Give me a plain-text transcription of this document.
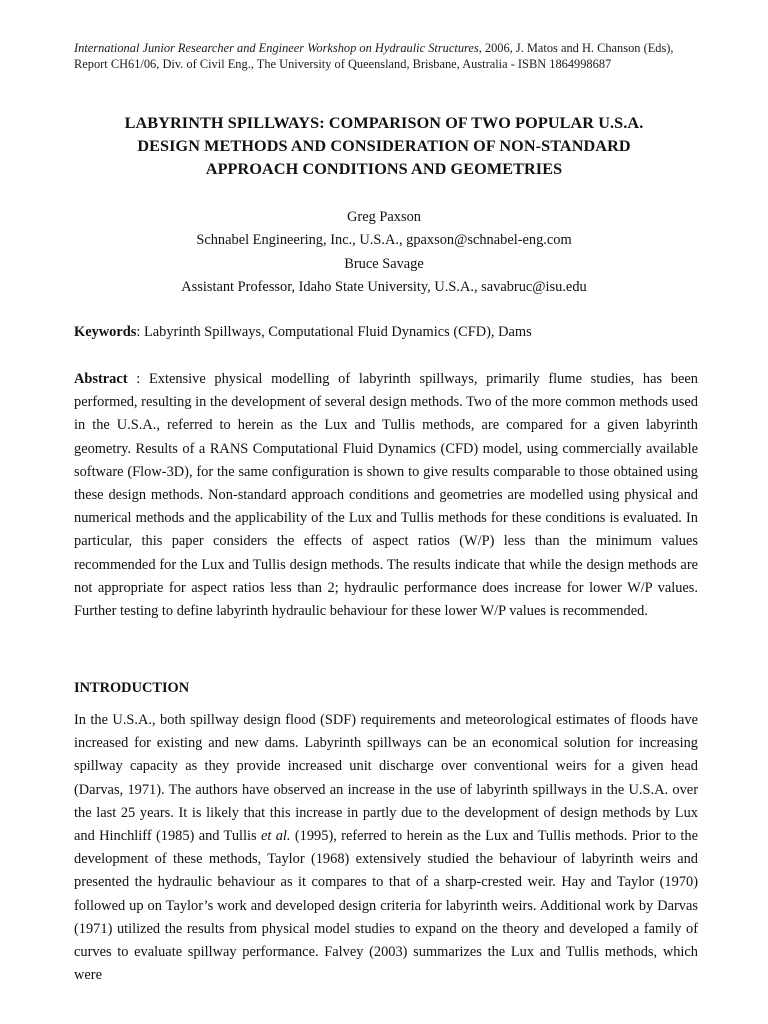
International Junior Researcher and Engineer Workshop on Hydraulic Structures, 2006, J. Matos and H. Chanson (Eds), Report CH61/06, Div. of Civil Eng., The University of Queensland, Brisbane, Australia - ISBN 1864998687
LABYRINTH SPILLWAYS: COMPARISON OF TWO POPULAR U.S.A.
DESIGN METHODS AND CONSIDERATION OF NON-STANDARD
APPROACH CONDITIONS AND GEOMETRIES
Greg Paxson
Schnabel Engineering, Inc., U.S.A., gpaxson@schnabel-eng.com
Bruce Savage
Assistant Professor, Idaho State University, U.S.A., savabruc@isu.edu

Keywords: Labyrinth Spillways, Computational Fluid Dynamics (CFD), Dams

Abstract : Extensive physical modelling of labyrinth spillways, primarily flume studies, has been performed, resulting in the development of several design methods. Two of the more common methods used in the U.S.A., referred to herein as the Lux and Tullis methods, are compared for a given labyrinth geometry. Results of a RANS Computational Fluid Dynamics (CFD) model, using commercially available software (Flow-3D), for the same configuration is shown to give results comparable to those obtained using these design methods. Non-standard approach conditions and geometries are modelled using physical and numerical methods and the applicability of the Lux and Tullis methods for these conditions is evaluated. In particular, this paper considers the effects of aspect ratios (W/P) less than the minimum values recommended for the Lux and Tullis design methods. The results indicate that while the design methods are not appropriate for aspect ratios less than 2; hydraulic performance does increase for lower W/P values. Further testing to define labyrinth hydraulic behaviour for these lower W/P values is recommended.

INTRODUCTION

In the U.S.A., both spillway design flood (SDF) requirements and meteorological estimates of floods have increased for existing and new dams. Labyrinth spillways can be an economical solution for increasing spillway capacity as they provide increased unit discharge over conventional weirs for a given head (Darvas, 1971). The authors have observed an increase in the use of labyrinth spillways in the U.S.A. over the last 25 years. It is likely that this increase in partly due to the development of design methods by Lux and Hinchliff (1985) and Tullis et al. (1995), referred to herein as the Lux and Tullis methods. Prior to the development of these methods, Taylor (1968) extensively studied the behaviour of labyrinth weirs and presented the hydraulic behaviour as it compares to that of a sharp-crested weir. Hay and Taylor (1970) followed up on Taylor’s work and developed design criteria for labyrinth weirs. Additional work by Darvas (1971) utilized the results from physical model studies to expand on the theory and developed a family of curves to evaluate spillway performance. Falvey (2003) summarizes the Lux and Tullis methods, which were
